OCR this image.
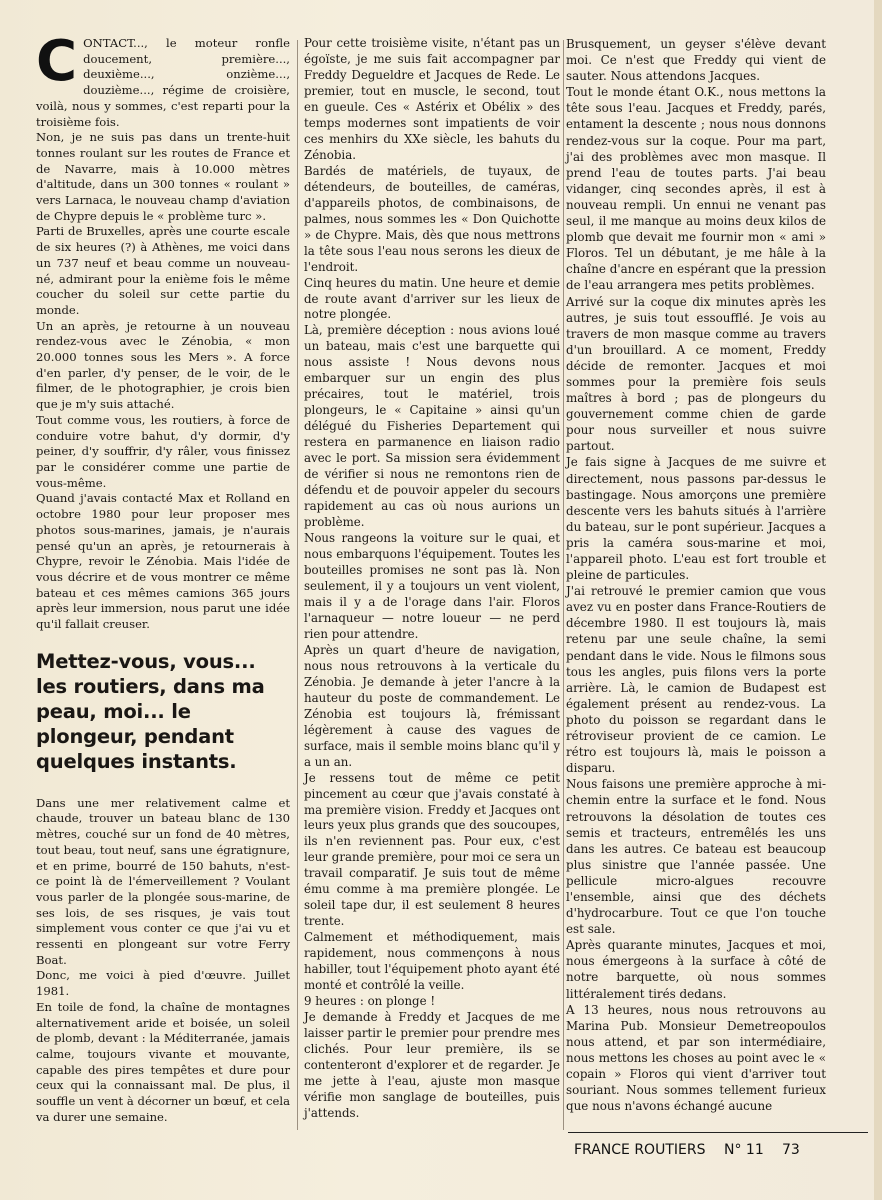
C ONTACT..., le moteur ronfle doucement, première..., deuxième..., onzième..., douzième..., régime de croisière, voilà, nous y sommes, c'est reparti pour la troisième fois.

Non, je ne suis pas dans un trente-huit tonnes roulant sur les routes de France et de Navarre, mais à 10.000 mètres d'altitude, dans un 300 tonnes « roulant » vers Larnaca, le nouveau champ d'aviation de Chypre depuis le « problème turc ».

Parti de Bruxelles, après une courte escale de six heures (?) à Athènes, me voici dans un 737 neuf et beau comme un nouveau-né, admirant pour la enième fois le même coucher du soleil sur cette partie du monde.

Un an après, je retourne à un nouveau rendez-vous avec le Zénobia, « mon 20.000 tonnes sous les Mers ». A force d'en parler, d'y penser, de le voir, de le filmer, de le photographier, je crois bien que je m'y suis attaché.

Tout comme vous, les routiers, à force de conduire votre bahut, d'y dormir, d'y peiner, d'y souffrir, d'y râler, vous finissez par le considérer comme une partie de vous-même.

Quand j'avais contacté Max et Rolland en octobre 1980 pour leur proposer mes photos sous-marines, jamais, je n'aurais pensé qu'un an après, je retournerais à Chypre, revoir le Zénobia. Mais l'idée de vous décrire et de vous montrer ce même bateau et ces mêmes camions 365 jours après leur immersion, nous parut une idée qu'il fallait creuser.

Mettez-vous, vous... les routiers, dans ma peau, moi... le plongeur, pendant quelques instants.

Dans une mer relativement calme et chaude, trouver un bateau blanc de 130 mètres, couché sur un fond de 40 mètres, tout beau, tout neuf, sans une égratignure, et en prime, bourré de 150 bahuts, n'est-ce point là de l'émerveillement ? Voulant vous parler de la plongée sous-marine, de ses lois, de ses risques, je vais tout simplement vous conter ce que j'ai vu et ressenti en plongeant sur votre Ferry Boat.

Donc, me voici à pied d'œuvre. Juillet 1981.

En toile de fond, la chaîne de montagnes alternativement aride et boisée, un soleil de plomb, devant : la Méditerranée, jamais calme, toujours vivante et mouvante, capable des pires tempêtes et dure pour ceux qui la connaissant mal. De plus, il souffle un vent à décorner un bœuf, et cela va durer une semaine.

Pour cette troisième visite, n'étant pas un égoïste, je me suis fait accompagner par Freddy Degueldre et Jacques de Rede. Le premier, tout en muscle, le second, tout en gueule. Ces « Astérix et Obélix » des temps modernes sont impatients de voir ces menhirs du XXe siècle, les bahuts du Zénobia.

Bardés de matériels, de tuyaux, de détendeurs, de bouteilles, de caméras, d'appareils photos, de combinaisons, de palmes, nous sommes les « Don Quichotte » de Chypre. Mais, dès que nous mettrons la tête sous l'eau nous serons les dieux de l'endroit.

Cinq heures du matin. Une heure et demie de route avant d'arriver sur les lieux de notre plongée.

Là, première déception : nous avions loué un bateau, mais c'est une barquette qui nous assiste ! Nous devons nous embarquer sur un engin des plus précaires, tout le matériel, trois plongeurs, le « Capitaine » ainsi qu'un délégué du Fisheries Departement qui restera en parmanence en liaison radio avec le port. Sa mission sera évidemment de vérifier si nous ne remontons rien de défendu et de pouvoir appeler du secours rapidement au cas où nous aurions un problème.

Nous rangeons la voiture sur le quai, et nous embarquons l'équipement. Toutes les bouteilles promises ne sont pas là. Non seulement, il y a toujours un vent violent, mais il y a de l'orage dans l'air. Floros l'arnaqueur — notre loueur — ne perd rien pour attendre.

Après un quart d'heure de navigation, nous nous retrouvons à la verticale du Zénobia. Je demande à jeter l'ancre à la hauteur du poste de commandement. Le Zénobia est toujours là, frémissant légèrement à cause des vagues de surface, mais il semble moins blanc qu'il y a un an.

Je ressens tout de même ce petit pincement au cœur que j'avais constaté à ma première vision. Freddy et Jacques ont leurs yeux plus grands que des soucoupes, ils n'en reviennent pas. Pour eux, c'est leur grande première, pour moi ce sera un travail comparatif. Je suis tout de même ému comme à ma première plongée. Le soleil tape dur, il est seulement 8 heures trente.

Calmement et méthodiquement, mais rapidement, nous commençons à nous habiller, tout l'équipement photo ayant été monté et contrôlé la veille.

9 heures : on plonge !

Je demande à Freddy et Jacques de me laisser partir le premier pour prendre mes clichés. Pour leur première, ils se contenteront d'explorer et de regarder. Je me jette à l'eau, ajuste mon masque vérifie mon sanglage de bouteilles, puis j'attends.

Brusquement, un geyser s'élève devant moi. Ce n'est que Freddy qui vient de sauter. Nous attendons Jacques.

Tout le monde étant O.K., nous mettons la tête sous l'eau. Jacques et Freddy, parés, entament la descente ; nous nous donnons rendez-vous sur la coque. Pour ma part, j'ai des problèmes avec mon masque. Il prend l'eau de toutes parts. J'ai beau vidanger, cinq secondes après, il est à nouveau rempli. Un ennui ne venant pas seul, il me manque au moins deux kilos de plomb que devait me fournir mon « ami » Floros. Tel un débutant, je me hâle à la chaîne d'ancre en espérant que la pression de l'eau arrangera mes petits problèmes.

Arrivé sur la coque dix minutes après les autres, je suis tout essoufflé. Je vois au travers de mon masque comme au travers d'un brouillard. A ce moment, Freddy décide de remonter. Jacques et moi sommes pour la première fois seuls maîtres à bord ; pas de plongeurs du gouvernement comme chien de garde pour nous surveiller et nous suivre partout.

Je fais signe à Jacques de me suivre et directement, nous passons par-dessus le bastingage. Nous amorçons une première descente vers les bahuts situés à l'arrière du bateau, sur le pont supérieur. Jacques a pris la caméra sous-marine et moi, l'appareil photo. L'eau est fort trouble et pleine de particules.

J'ai retrouvé le premier camion que vous avez vu en poster dans France-Routiers de décembre 1980. Il est toujours là, mais retenu par une seule chaîne, la semi pendant dans le vide. Nous le filmons sous tous les angles, puis filons vers la porte arrière. Là, le camion de Budapest est également présent au rendez-vous. La photo du poisson se regardant dans le rétroviseur provient de ce camion. Le rétro est toujours là, mais le poisson a disparu.

Nous faisons une première approche à mi-chemin entre la surface et le fond. Nous retrouvons la désolation de toutes ces semis et tracteurs, entremêlés les uns dans les autres. Ce bateau est beaucoup plus sinistre que l'année passée. Une pellicule micro-algues recouvre l'ensemble, ainsi que des déchets d'hydrocarbure. Tout ce que l'on touche est sale.

Après quarante minutes, Jacques et moi, nous émergeons à la surface à côté de notre barquette, où nous sommes littéralement tirés dedans.

A 13 heures, nous nous retrouvons au Marina Pub. Monsieur Demetreopoulos nous attend, et par son intermédiaire, nous mettons les choses au point avec le « copain » Floros qui vient d'arriver tout souriant. Nous sommes tellement furieux que nous n'avons échangé aucune

FRANCE ROUTIERS	N° 11	73
